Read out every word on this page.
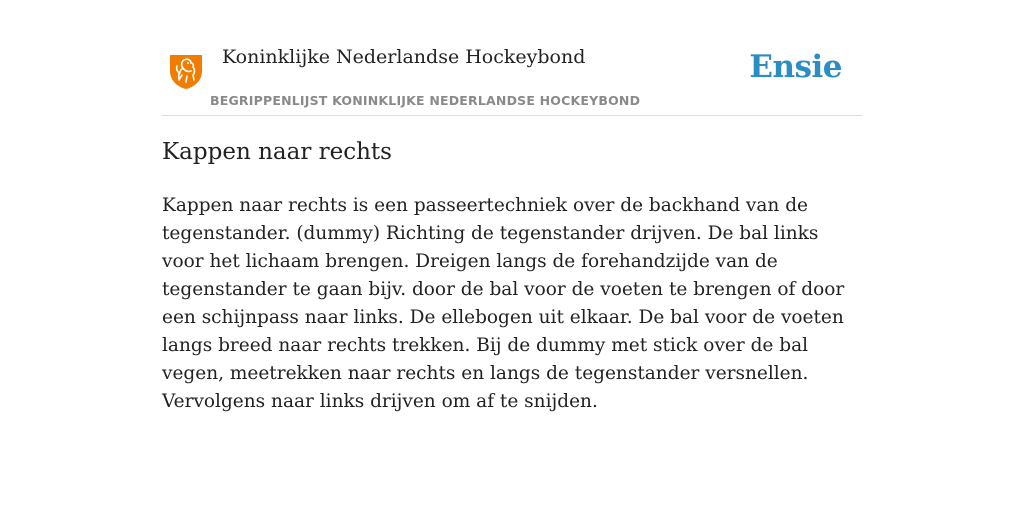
Koninklijke Nederlandse Hockeybond
BEGRIPPENLIJST KONINKLIJKE NEDERLANDSE HOCKEYBOND
Ensie
Kappen naar rechts

Kappen naar rechts is een passeertechniek over de backhand van de tegenstander. (dummy) Richting de tegenstander drijven. De bal links voor het lichaam brengen. Dreigen langs de forehandzijde van de tegenstander te gaan bijv. door de bal voor de voeten te brengen of door een schijnpass naar links. De ellebogen uit elkaar. De bal voor de voeten langs breed naar rechts trekken. Bij de dummy met stick over de bal vegen, meetrekken naar rechts en langs de tegenstander versnellen. Vervolgens naar links drijven om af te snijden.
